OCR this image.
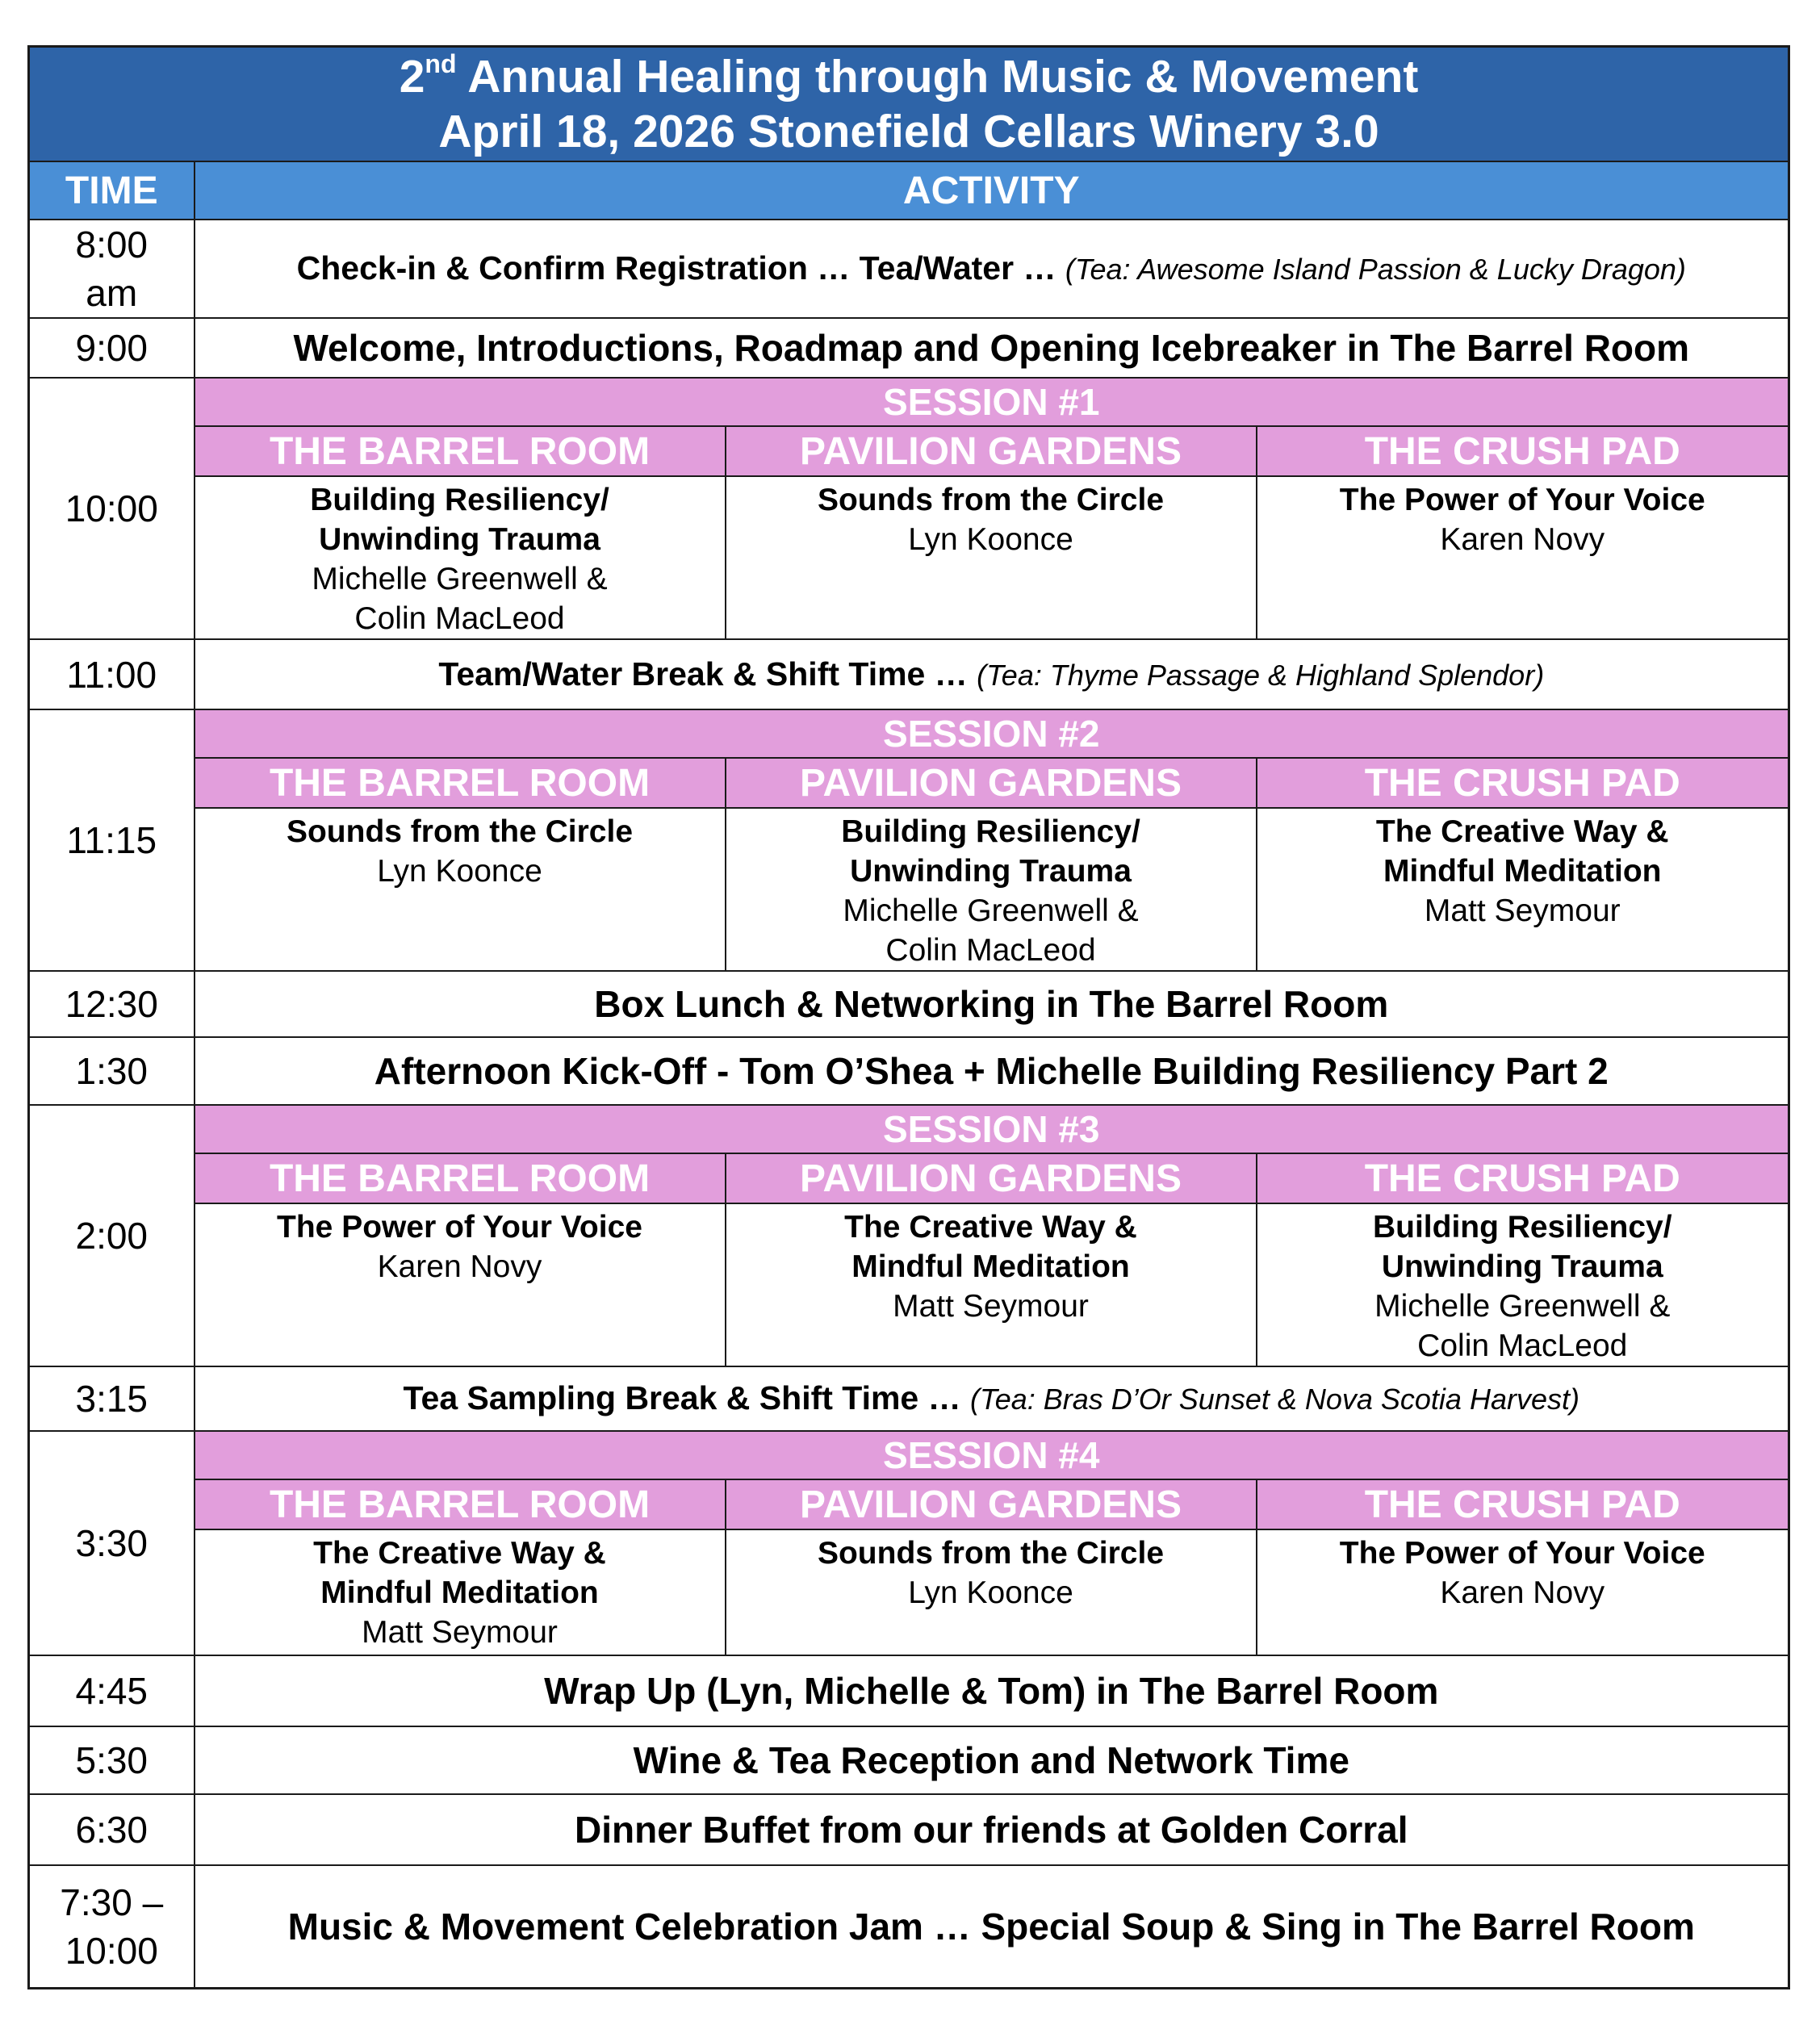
2nd Annual Healing through Music & Movement
April 18, 2026 Stonefield Cellars Winery 3.0			

TIME	ACTIVITY		

8:00
am	Check-in & Confirm Registration … Tea/Water … (Tea: Awesome Island Passion & Lucky Dragon)		
9:00	Welcome, Introductions, Roadmap and Opening Icebreaker in The Barrel Room		
10:00	SESSION #1		
	THE BARREL ROOM	PAVILION GARDENS	THE CRUSH PAD

	Building Resiliency/
Unwinding Trauma
Michelle Greenwell &
Colin MacLeod	Sounds from the Circle
Lyn Koonce	The Power of Your Voice
Karen Novy

11:00	Team/Water Break & Shift Time … (Tea: Thyme Passage & Highland Splendor)		
11:15	SESSION #2		
	THE BARREL ROOM	PAVILION GARDENS	THE CRUSH PAD

	Sounds from the Circle
Lyn Koonce	Building Resiliency/
Unwinding Trauma
Michelle Greenwell &
Colin MacLeod	The Creative Way &
Mindful Meditation
Matt Seymour

12:30	Box Lunch & Networking in The Barrel Room		
1:30	Afternoon Kick-Off - Tom O’Shea + Michelle Building Resiliency Part 2		
2:00	SESSION #3		
	THE BARREL ROOM	PAVILION GARDENS	THE CRUSH PAD

	The Power of Your Voice
Karen Novy	The Creative Way &
Mindful Meditation
Matt Seymour	Building Resiliency/
Unwinding Trauma
Michelle Greenwell &
Colin MacLeod

3:15	Tea Sampling Break & Shift Time … (Tea: Bras D’Or Sunset & Nova Scotia Harvest)		
3:30	SESSION #4		
	THE BARREL ROOM	PAVILION GARDENS	THE CRUSH PAD

	The Creative Way &
Mindful Meditation
Matt Seymour	Sounds from the Circle
Lyn Koonce	The Power of Your Voice
Karen Novy

4:45	Wrap Up (Lyn, Michelle & Tom) in The Barrel Room		
5:30	Wine & Tea Reception and Network Time		
6:30	Dinner Buffet from our friends at Golden Corral		

7:30 –
10:00	Music & Movement Celebration Jam … Special Soup & Sing in The Barrel Room		
